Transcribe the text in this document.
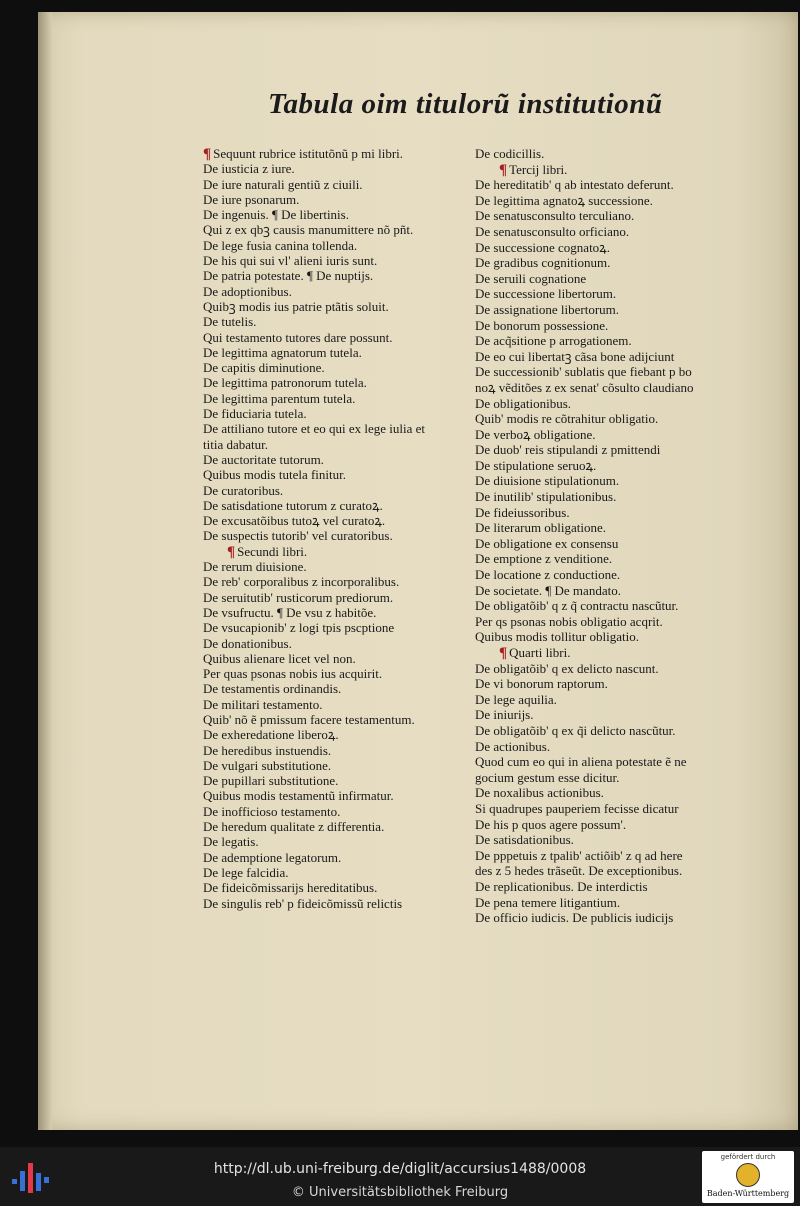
Tabula oim titulorũ institutionũ
¶ Sequunt rubrice istitutõnũ p mi libri.
De iusticia z iure.
De iure naturali gentiũ z ciuili.
De iure psonarum.
De ingenuis. ¶ De libertinis.
Qui z ex qbꝫ causis manumittere nõ pñt.
De lege fusia canina tollenda.
De his qui sui vl' alieni iuris sunt.
De patria potestate. ¶ De nuptijs.
De adoptionibus.
Quibꝫ modis ius patrie ptãtis soluit.
De tutelis.
Qui testamento tutores dare possunt.
De legittima agnatorum tutela.
De capitis diminutione.
De legittima patronorum tutela.
De legittima parentum tutela.
De fiduciaria tutela.
De attiliano tutore et eo qui ex lege iulia et
titia dabatur.
De auctoritate tutorum.
Quibus modis tutela finitur.
De curatoribus.
De satisdatione tutorum z curatoꝝ.
De excusatõibus tutoꝝ vel curatoꝝ.
De suspectis tutorib' vel curatoribus.
¶ Secundi libri.
De rerum diuisione.
De reb' corporalibus z incorporalibus.
De seruitutib' rusticorum prediorum.
De vsufructu. ¶ De vsu z habitõe.
De vsucapionib' z logi tpis pscptione
De donationibus.
Quibus alienare licet vel non.
Per quas psonas nobis ius acquirit.
De testamentis ordinandis.
De militari testamento.
Quib' nõ ẽ pmissum facere testamentum.
De exheredatione liberoꝝ.
De heredibus instuendis.
De vulgari substitutione.
De pupillari substitutione.
Quibus modis testamentũ infirmatur.
De inofficioso testamento.
De heredum qualitate z differentia.
De legatis.
De ademptione legatorum.
De lege falcidia.
De fideicõmissarijs hereditatibus.
De singulis reb' p fideicõmissũ relictis
De codicillis.
¶ Tercij libri.
De hereditatib' q ab intestato deferunt.
De legittima agnatoꝝ successione.
De senatusconsulto terculiano.
De senatusconsulto orficiano.
De successione cognatoꝝ.
De gradibus cognitionum.
De seruili cognatione
De successione libertorum.
De assignatione libertorum.
De bonorum possessione.
De acq̃sitione p arrogationem.
De eo cui libertatꝫ cãsa bone adijciunt
De successionib' sublatis que fiebant p bo
noꝝ vẽditões z ex senat' cõsulto claudiano
De obligationibus.
Quib' modis re cõtrahitur obligatio.
De verboꝝ obligatione.
De duob' reis stipulandi z pmittendi
De stipulatione seruoꝝ.
De diuisione stipulationum.
De inutilib' stipulationibus.
De fideiussoribus.
De literarum obligatione.
De obligatione ex consensu
De emptione z venditione.
De locatione z conductione.
De societate. ¶ De mandato.
De obligatõib' q z q̃ contractu nascũtur.
Per qs psonas nobis obligatio acqrit.
Quibus modis tollitur obligatio.
¶ Quarti libri.
De obligatõib' q ex delicto nascunt.
De vi bonorum raptorum.
De lege aquilia.
De iniurijs.
De obligatõib' q ex q̃i delicto nascũtur.
De actionibus.
Quod cum eo qui in aliena potestate ẽ ne
gocium gestum esse dicitur.
De noxalibus actionibus.
Si quadrupes pauperiem fecisse dicatur
De his p quos agere possum'.
De satisdationibus.
De pppetuis z tpalib' actiõib' z q ad here
des z 5 hedes trãseũt. De exceptionibus.
De replicationibus. De interdictis
De pena temere litigantium.
De officio iudicis. De publicis iudicijs
http://dl.ub.uni-freiburg.de/diglit/accursius1488/0008
© Universitätsbibliothek Freiburg
gefördert durch
Baden-Württemberg
